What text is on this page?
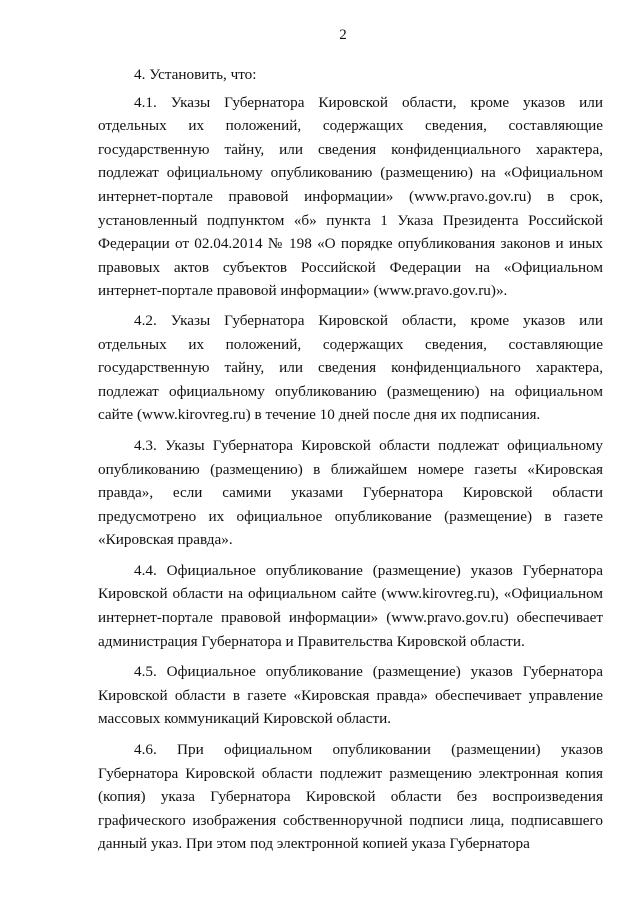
2

4. Установить, что:

4.1. Указы Губернатора Кировской области, кроме указов или отдельных их положений, содержащих сведения, составляющие государственную тайну, или сведения конфиденциального характера, подлежат официальному опубликованию (размещению) на «Официальном интернет-портале правовой информации» (www.pravo.gov.ru) в срок, установленный подпунктом «б» пункта 1 Указа Президента Российской Федерации от 02.04.2014 № 198 «О порядке опубликования законов и иных правовых актов субъектов Российской Федерации на «Официальном интернет-портале правовой информации» (www.pravo.gov.ru)».

4.2. Указы Губернатора Кировской области, кроме указов или отдельных их положений, содержащих сведения, составляющие государственную тайну, или сведения конфиденциального характера, подлежат официальному опубликованию (размещению) на официальном сайте (www.kirovreg.ru) в течение 10 дней после дня их подписания.

4.3. Указы Губернатора Кировской области подлежат официальному опубликованию (размещению) в ближайшем номере газеты «Кировская правда», если самими указами Губернатора Кировской области предусмотрено их официальное опубликование (размещение) в газете «Кировская правда».

4.4. Официальное опубликование (размещение) указов Губернатора Кировской области на официальном сайте (www.kirovreg.ru), «Официальном интернет-портале правовой информации» (www.pravo.gov.ru) обеспечивает администрация Губернатора и Правительства Кировской области.

4.5. Официальное опубликование (размещение) указов Губернатора Кировской области в газете «Кировская правда» обеспечивает управление массовых коммуникаций Кировской области.

4.6. При официальном опубликовании (размещении) указов Губернатора Кировской области подлежит размещению электронная копия (копия) указа Губернатора Кировской области без воспроизведения графического изображения собственноручной подписи лица, подписавшего данный указ. При этом под электронной копией указа Губернатора
